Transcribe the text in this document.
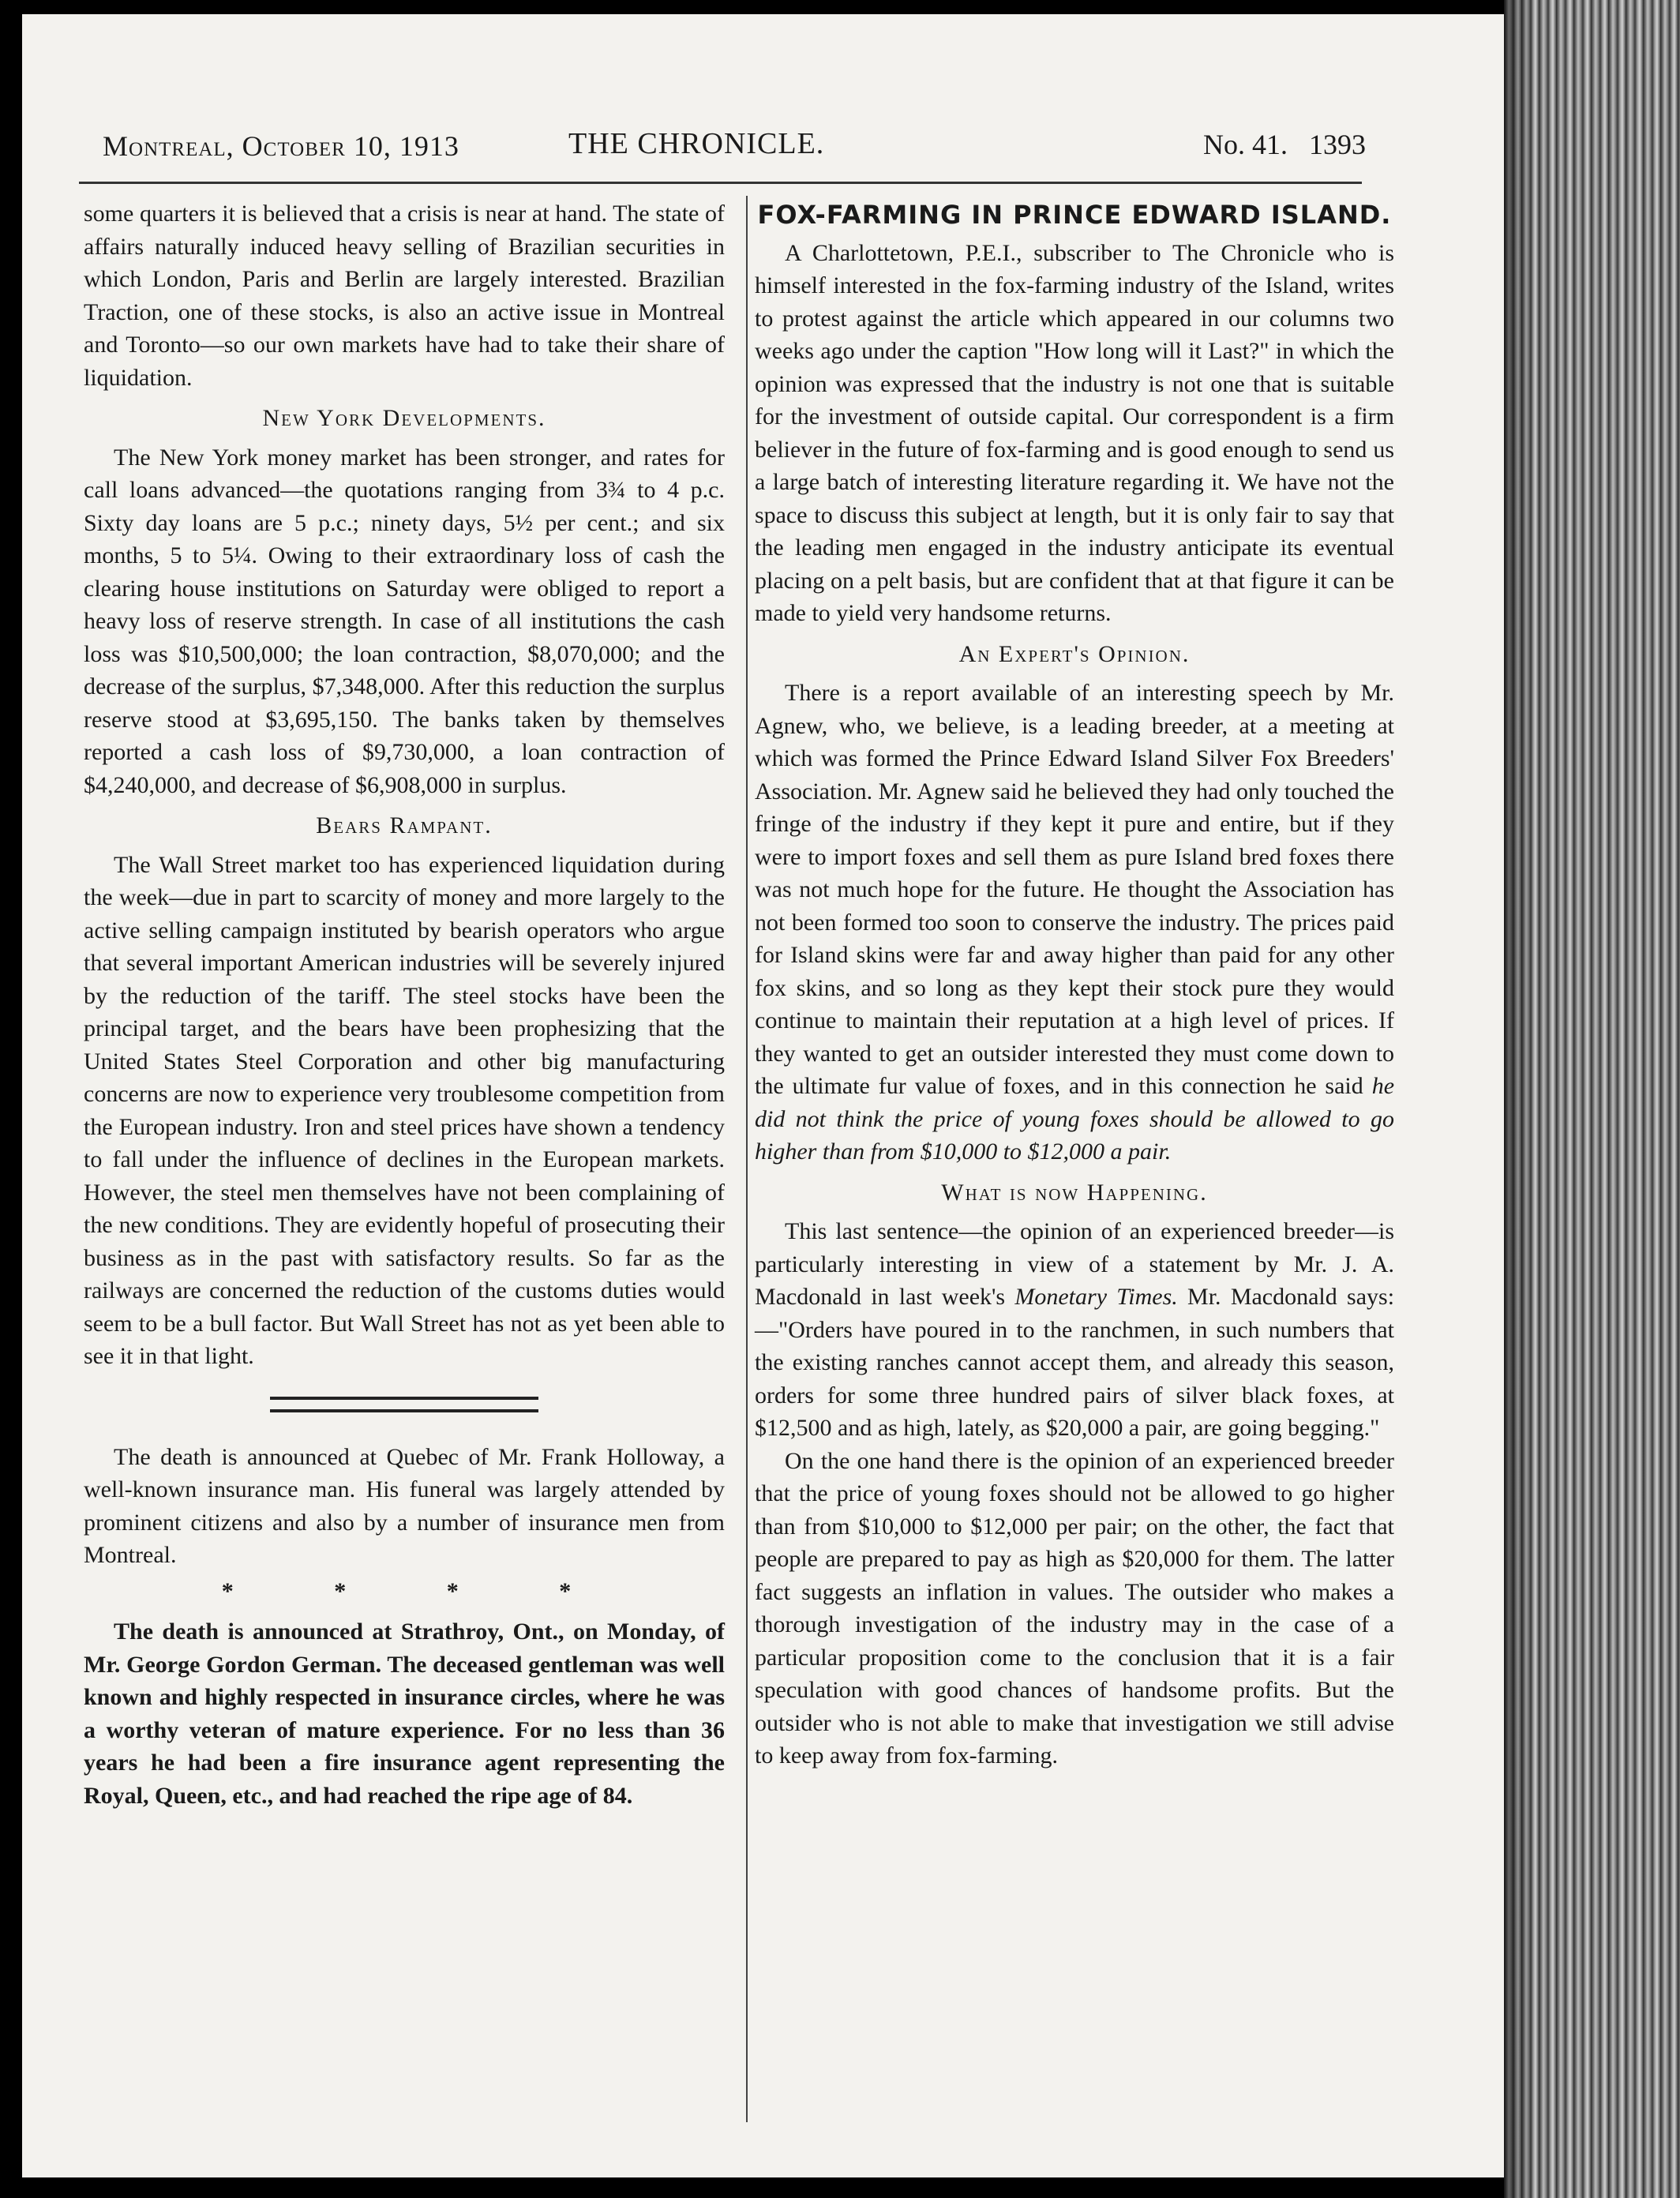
Montreal, October 10, 1913	THE CHRONICLE.	No. 41. 1393

some quarters it is believed that a crisis is near at hand. The state of affairs naturally induced heavy selling of Brazilian securities in which London, Paris and Berlin are largely interested. Brazilian Traction, one of these stocks, is also an active issue in Montreal and Toronto—so our own markets have had to take their share of liquidation.

New York Developments.

The New York money market has been stronger, and rates for call loans advanced—the quotations ranging from 3¾ to 4 p.c. Sixty day loans are 5 p.c.; ninety days, 5½ per cent.; and six months, 5 to 5¼. Owing to their extraordinary loss of cash the clearing house institutions on Saturday were obliged to report a heavy loss of reserve strength. In case of all institutions the cash loss was $10,500,000; the loan contraction, $8,070,000; and the decrease of the surplus, $7,348,000. After this reduction the surplus reserve stood at $3,695,150. The banks taken by themselves reported a cash loss of $9,730,000, a loan contraction of $4,240,000, and decrease of $6,908,000 in surplus.

Bears Rampant.

The Wall Street market too has experienced liquidation during the week—due in part to scarcity of money and more largely to the active selling campaign instituted by bearish operators who argue that several important American industries will be severely injured by the reduction of the tariff. The steel stocks have been the principal target, and the bears have been prophesizing that the United States Steel Corporation and other big manufacturing concerns are now to experience very troublesome competition from the European industry. Iron and steel prices have shown a tendency to fall under the influence of declines in the European markets. However, the steel men themselves have not been complaining of the new conditions. They are evidently hopeful of prosecuting their business as in the past with satisfactory results. So far as the railways are concerned the reduction of the customs duties would seem to be a bull factor. But Wall Street has not as yet been able to see it in that light.

The death is announced at Quebec of Mr. Frank Holloway, a well-known insurance man. His funeral was largely attended by prominent citizens and also by a number of insurance men from Montreal.

* * * *

The death is announced at Strathroy, Ont., on Monday, of Mr. George Gordon German. The deceased gentleman was well known and highly respected in insurance circles, where he was a worthy veteran of mature experience. For no less than 36 years he had been a fire insurance agent representing the Royal, Queen, etc., and had reached the ripe age of 84.

FOX-FARMING IN PRINCE EDWARD ISLAND.

A Charlottetown, P.E.I., subscriber to The Chronicle who is himself interested in the fox-farming industry of the Island, writes to protest against the article which appeared in our columns two weeks ago under the caption "How long will it Last?" in which the opinion was expressed that the industry is not one that is suitable for the investment of outside capital. Our correspondent is a firm believer in the future of fox-farming and is good enough to send us a large batch of interesting literature regarding it. We have not the space to discuss this subject at length, but it is only fair to say that the leading men engaged in the industry anticipate its eventual placing on a pelt basis, but are confident that at that figure it can be made to yield very handsome returns.

An Expert's Opinion.

There is a report available of an interesting speech by Mr. Agnew, who, we believe, is a leading breeder, at a meeting at which was formed the Prince Edward Island Silver Fox Breeders' Association. Mr. Agnew said he believed they had only touched the fringe of the industry if they kept it pure and entire, but if they were to import foxes and sell them as pure Island bred foxes there was not much hope for the future. He thought the Association has not been formed too soon to conserve the industry. The prices paid for Island skins were far and away higher than paid for any other fox skins, and so long as they kept their stock pure they would continue to maintain their reputation at a high level of prices. If they wanted to get an outsider interested they must come down to the ultimate fur value of foxes, and in this connection he said he did not think the price of young foxes should be allowed to go higher than from $10,000 to $12,000 a pair.

What is now Happening.

This last sentence—the opinion of an experienced breeder—is particularly interesting in view of a statement by Mr. J. A. Macdonald in last week's Monetary Times. Mr. Macdonald says:—"Orders have poured in to the ranchmen, in such numbers that the existing ranches cannot accept them, and already this season, orders for some three hundred pairs of silver black foxes, at $12,500 and as high, lately, as $20,000 a pair, are going begging."

On the one hand there is the opinion of an experienced breeder that the price of young foxes should not be allowed to go higher than from $10,000 to $12,000 per pair; on the other, the fact that people are prepared to pay as high as $20,000 for them. The latter fact suggests an inflation in values. The outsider who makes a thorough investigation of the industry may in the case of a particular proposition come to the conclusion that it is a fair speculation with good chances of handsome profits. But the outsider who is not able to make that investigation we still advise to keep away from fox-farming.
